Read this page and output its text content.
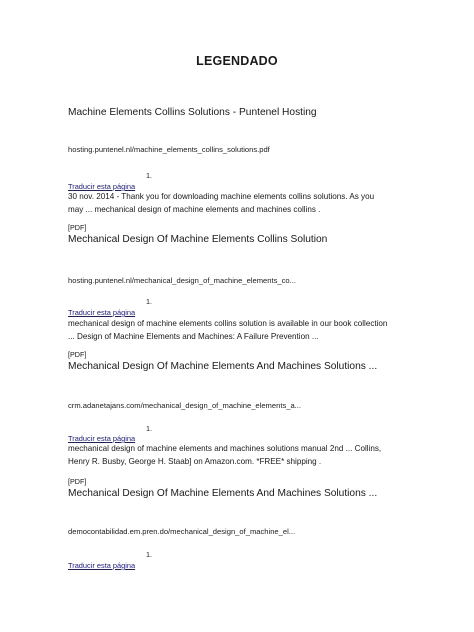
LEGENDADO
Machine Elements Collins Solutions - Puntenel Hosting
hosting.puntenel.nl/machine_elements_collins_solutions.pdf
1.
Traducir esta página
30 nov. 2014 - Thank you for downloading machine elements collins solutions. As you
may ... mechanical design of machine elements and machines collins .
[PDF]
Mechanical Design Of Machine Elements Collins Solution
hosting.puntenel.nl/mechanical_design_of_machine_elements_co...
1.
Traducir esta página
mechanical design of machine elements collins solution is available in our book collection
... Design of Machine Elements and Machines: A Failure Prevention ...
[PDF]
Mechanical Design Of Machine Elements And Machines Solutions ...
crm.adanetajans.com/mechanical_design_of_machine_elements_a...
1.
Traducir esta página
mechanical design of machine elements and machines solutions manual 2nd ... Collins,
Henry R. Busby, George H. Staab] on Amazon.com. *FREE* shipping .
[PDF]
Mechanical Design Of Machine Elements And Machines Solutions ...
democontabilidad.em.pren.do/mechanical_design_of_machine_el...
1.
Traducir esta página
